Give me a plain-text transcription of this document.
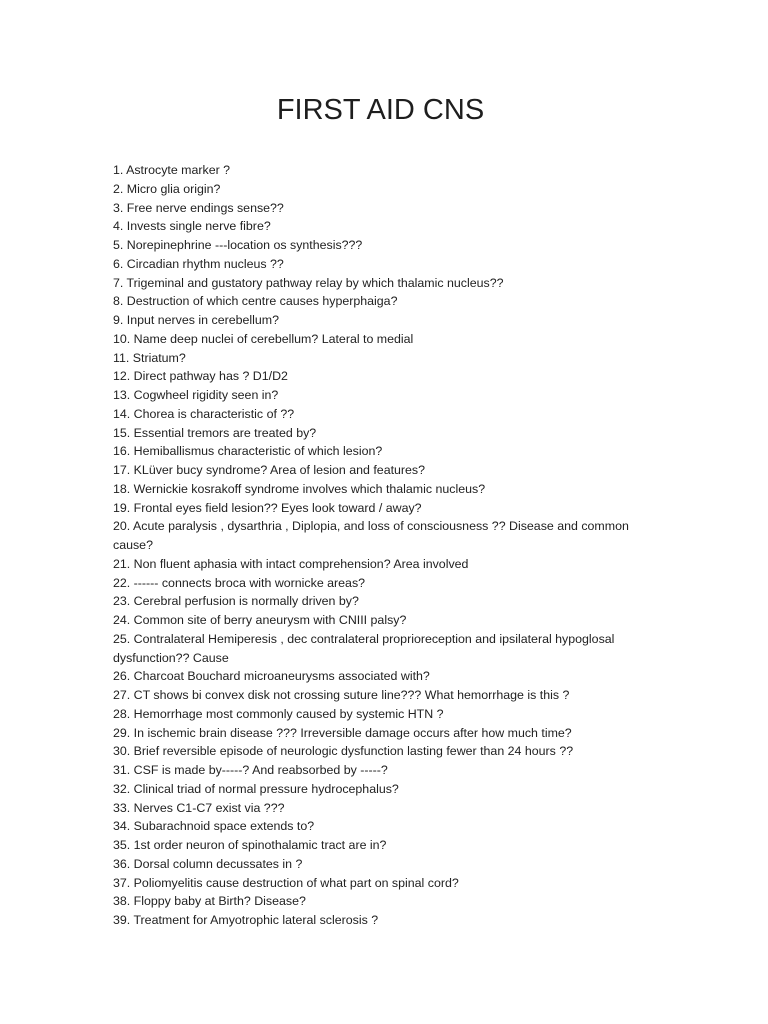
FIRST AID CNS
1. Astrocyte marker ?
2. Micro glia origin?
3. Free nerve endings sense??
4. Invests single nerve fibre?
5. Norepinephrine ---location os synthesis???
6. Circadian rhythm nucleus ??
7. Trigeminal and gustatory pathway relay by which thalamic nucleus??
8. Destruction of which centre causes hyperphaiga?
9. Input nerves in cerebellum?
10. Name deep nuclei of cerebellum? Lateral to medial
11. Striatum?
12. Direct pathway has ? D1/D2
13. Cogwheel rigidity seen in?
14. Chorea is characteristic of ??
15. Essential tremors are treated by?
16. Hemiballismus characteristic of which lesion?
17. KLüver bucy syndrome? Area of lesion and features?
18. Wernickie kosrakoff syndrome involves which thalamic nucleus?
19. Frontal eyes field lesion?? Eyes look toward / away?
20. Acute paralysis , dysarthria , Diplopia, and loss of consciousness ?? Disease and common cause?
21. Non fluent aphasia with intact comprehension? Area involved
22. ------ connects broca with wornicke areas?
23. Cerebral perfusion is normally driven by?
24. Common site of berry aneurysm with CNIII palsy?
25. Contralateral Hemiperesis , dec contralateral proprioreception and ipsilateral hypoglosal dysfunction?? Cause
26. Charcoat Bouchard microaneurysms associated with?
27. CT shows bi convex disk not crossing suture line??? What hemorrhage is this ?
28. Hemorrhage most commonly caused by systemic HTN ?
29. In ischemic brain disease ??? Irreversible damage occurs after how much time?
30. Brief reversible episode of neurologic dysfunction lasting fewer than 24 hours ??
31. CSF is made by-----? And reabsorbed by -----?
32. Clinical triad of normal pressure hydrocephalus?
33. Nerves C1-C7 exist via ???
34. Subarachnoid space extends to?
35. 1st order neuron of spinothalamic tract are in?
36. Dorsal column decussates in ?
37. Poliomyelitis cause destruction of what part on spinal cord?
38. Floppy baby at Birth? Disease?
39. Treatment for Amyotrophic lateral sclerosis ?
